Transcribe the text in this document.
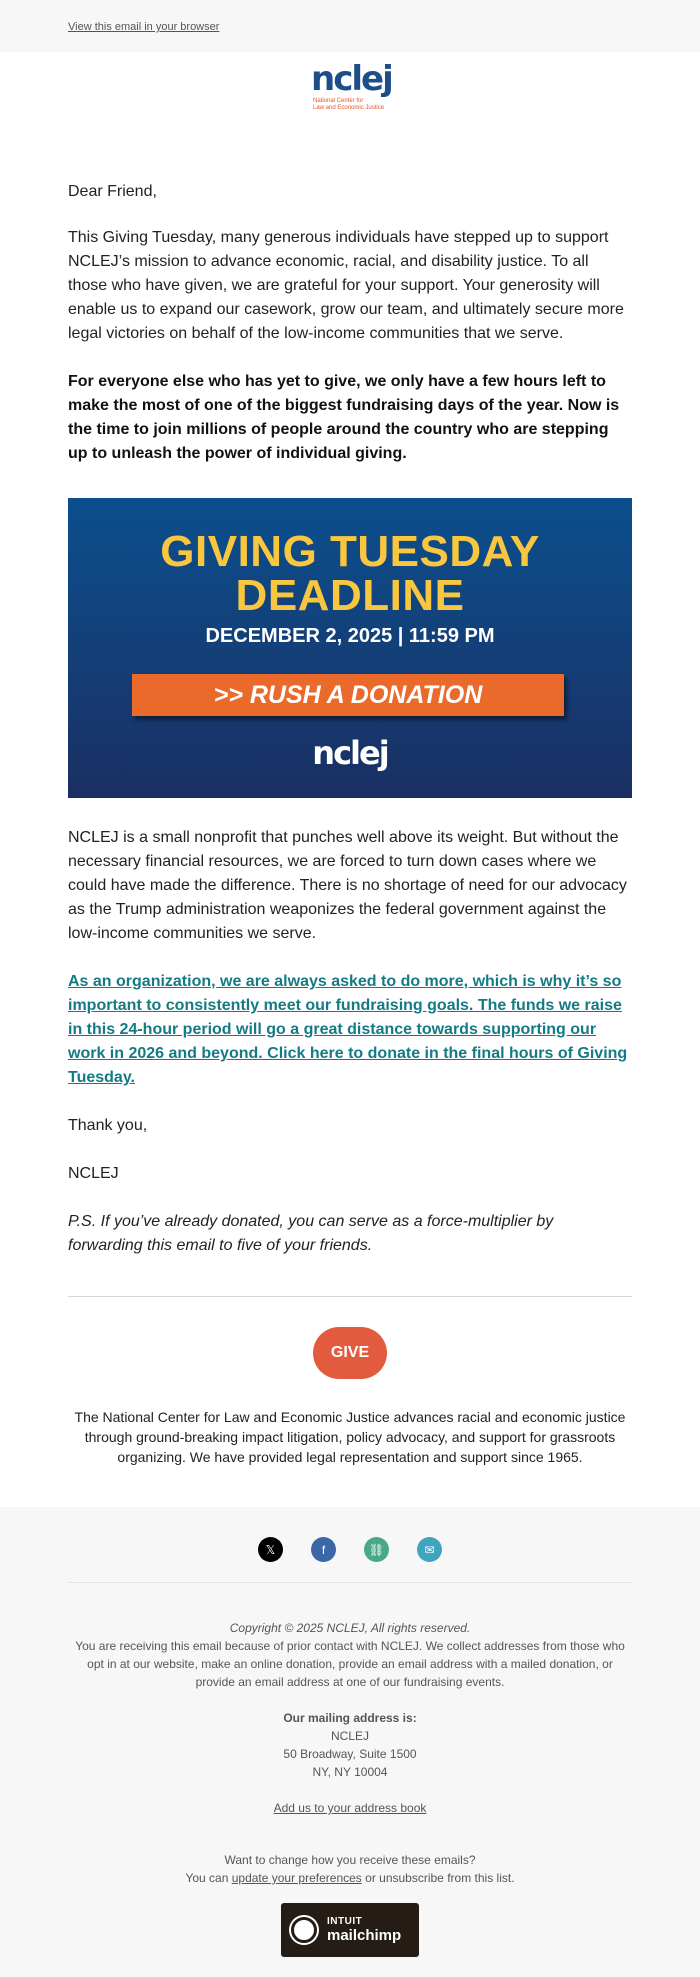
View this email in your browser
nclej
National Center for
Law and Economic Justice
Dear Friend,

This Giving Tuesday, many generous individuals have stepped up to support NCLEJ’s mission to advance economic, racial, and disability justice. To all those who have given, we are grateful for your support. Your generosity will enable us to expand our casework, grow our team, and ultimately secure more legal victories on behalf of the low-income communities that we serve.

For everyone else who has yet to give, we only have a few hours left to make the most of one of the biggest fundraising days of the year. Now is the time to join millions of people around the country who are stepping up to unleash the power of individual giving.

GIVING TUESDAY
DEADLINE
DECEMBER 2, 2025 | 11:59 PM
>> RUSH A DONATION
nclej

NCLEJ is a small nonprofit that punches well above its weight. But without the necessary financial resources, we are forced to turn down cases where we could have made the difference. There is no shortage of need for our advocacy as the Trump administration weaponizes the federal government against the low-income communities we serve.

As an organization, we are always asked to do more, which is why it’s so important to consistently meet our fundraising goals. The funds we raise in this 24-hour period will go a great distance towards supporting our work in 2026 and beyond. Click here to donate in the final hours of Giving Tuesday.

Thank you,

NCLEJ

P.S. If you’ve already donated, you can serve as a force-multiplier by forwarding this email to five of your friends.

GIVE

The National Center for Law and Economic Justice advances racial and economic justice through ground-breaking impact litigation, policy advocacy, and support for grassroots organizing. We have provided legal representation and support since 1965.

𝕏	f	⛓	✉

Copyright © 2025 NCLEJ, All rights reserved.

You are receiving this email because of prior contact with NCLEJ. We collect addresses from those who opt in at our website, make an online donation, provide an email address with a mailed donation, or provide an email address at one of our fundraising events.

Our mailing address is:

NCLEJ

50 Broadway, Suite 1500

NY, NY 10004

Add us to your address book

Want to change how you receive these emails?

You can update your preferences or unsubscribe from this list.

INTUIT
mailchimp
